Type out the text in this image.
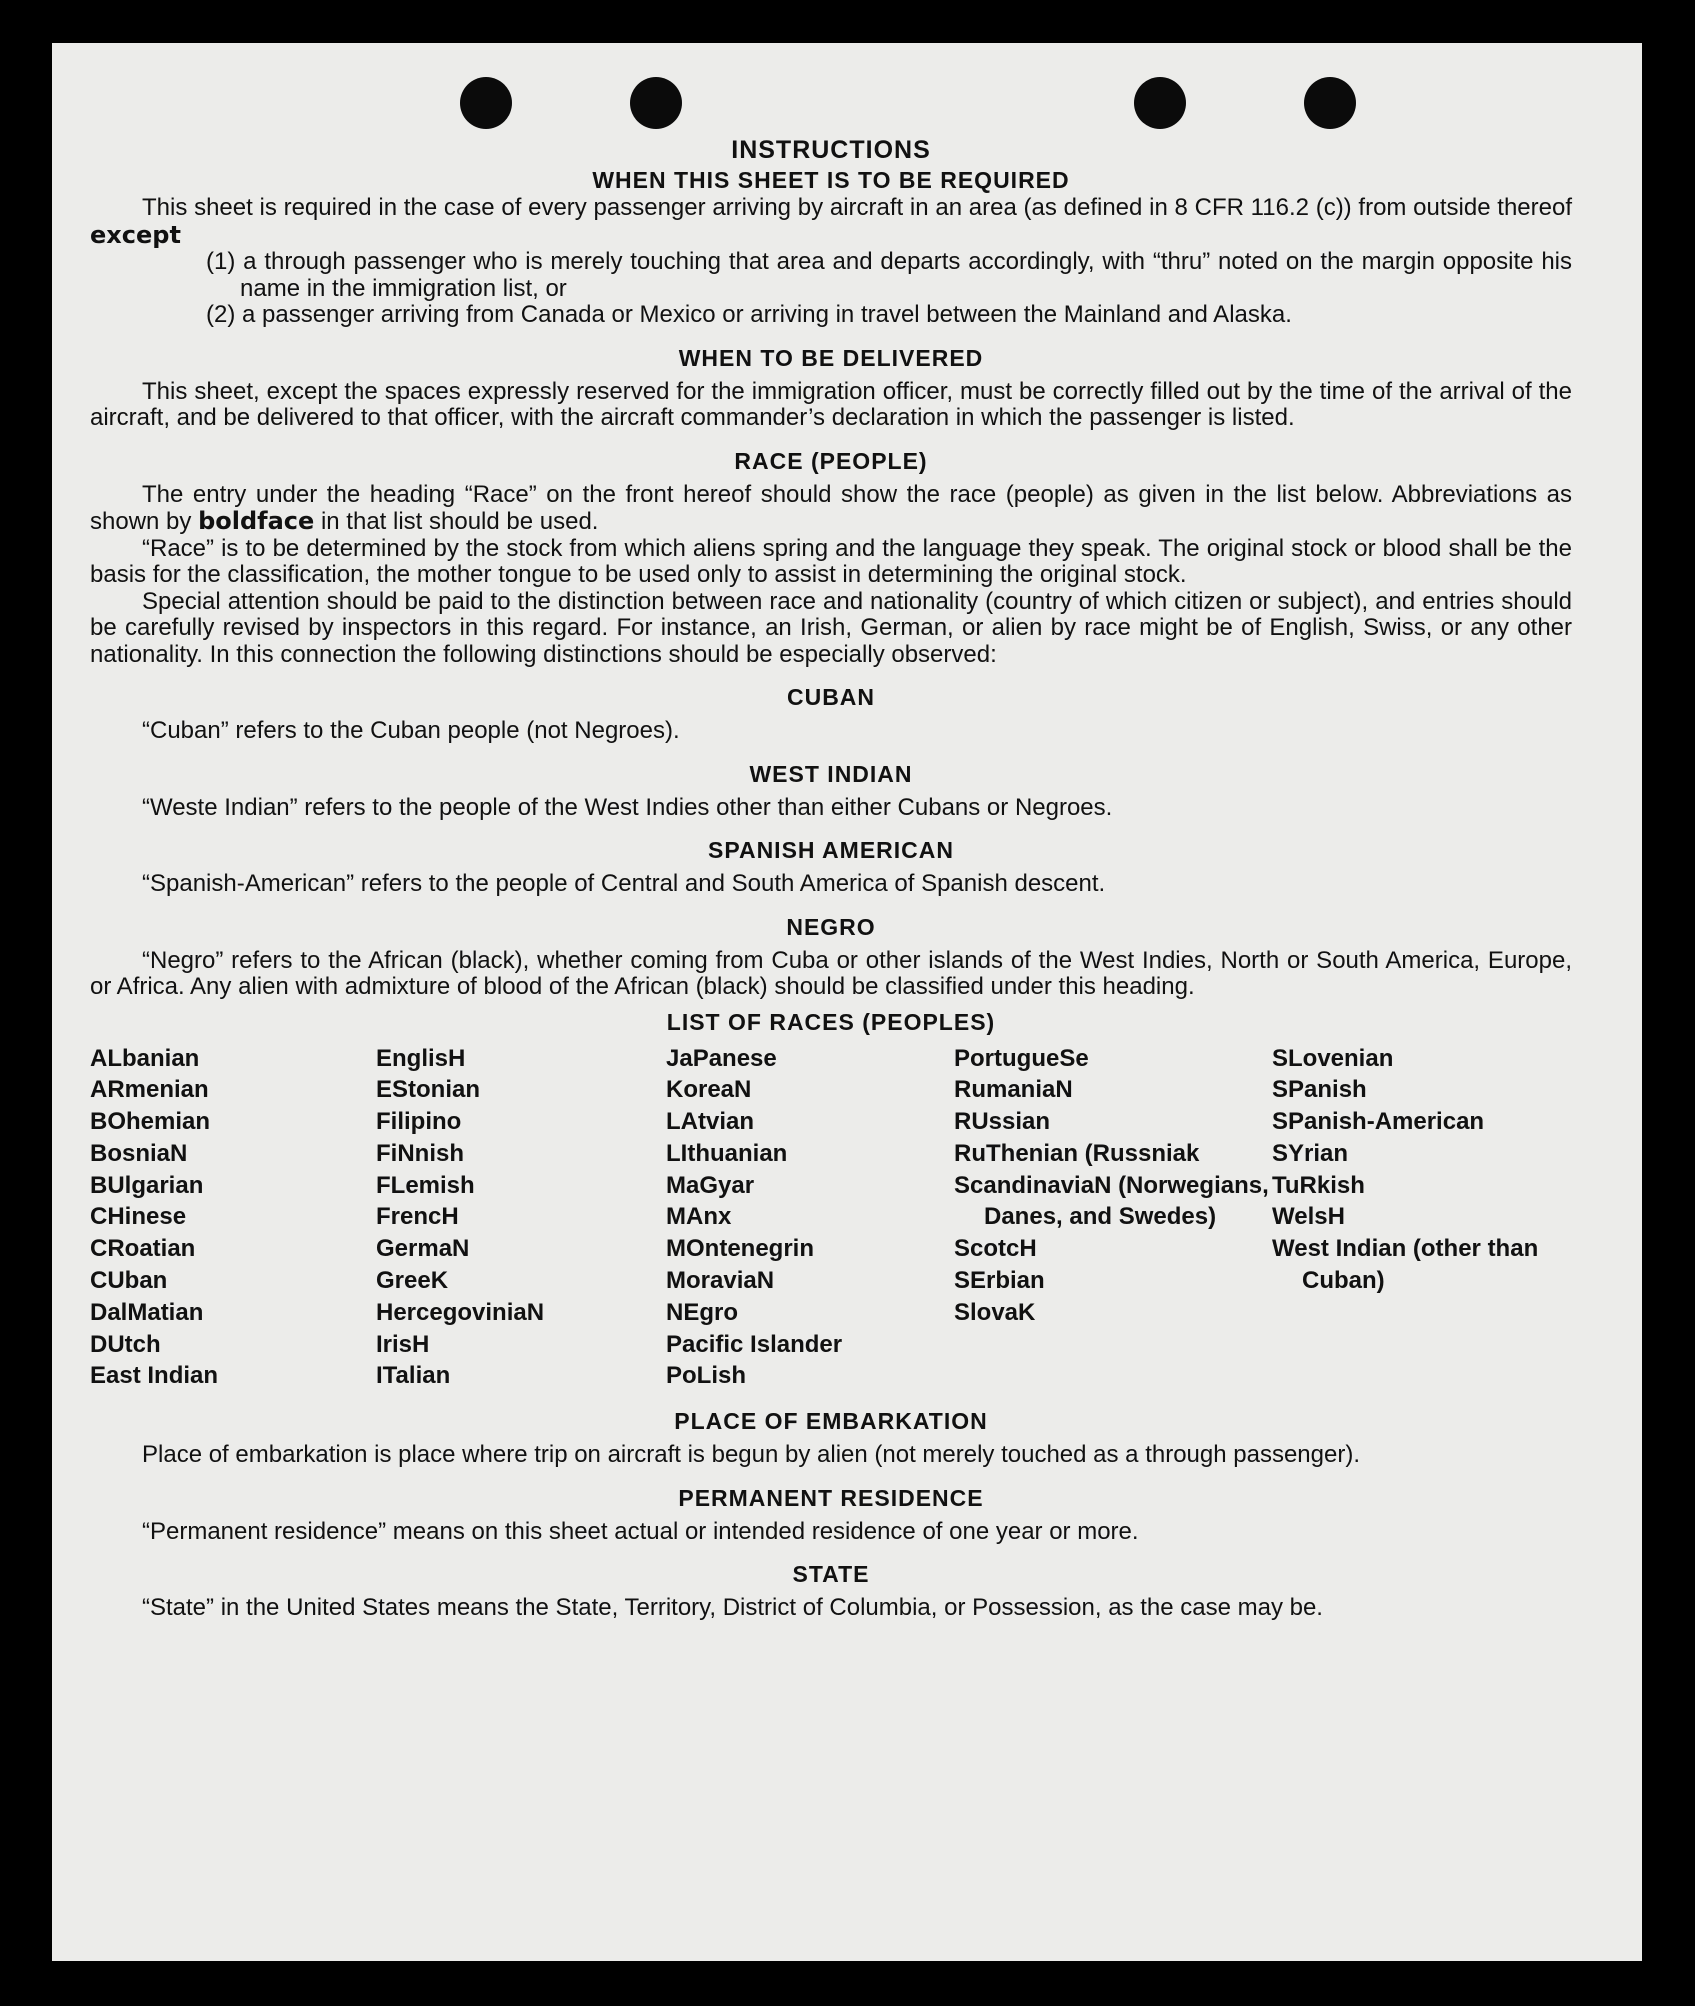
INSTRUCTIONS
WHEN THIS SHEET IS TO BE REQUIRED

This sheet is required in the case of every passenger arriving by aircraft in an area (as defined in 8 CFR 116.2 (c)) from outside thereof except

(1) a through passenger who is merely touching that area and departs accordingly, with “thru” noted on the margin opposite his name in the immigration list, or

(2) a passenger arriving from Canada or Mexico or arriving in travel between the Mainland and Alaska.

WHEN TO BE DELIVERED

This sheet, except the spaces expressly reserved for the immigration officer, must be correctly filled out by the time of the arrival of the aircraft, and be delivered to that officer, with the aircraft commander’s declaration in which the passenger is listed.

RACE (PEOPLE)

The entry under the heading “Race” on the front hereof should show the race (people) as given in the list below. Abbreviations as shown by boldface in that list should be used.

“Race” is to be determined by the stock from which aliens spring and the language they speak. The original stock or blood shall be the basis for the classification, the mother tongue to be used only to assist in determining the original stock.

Special attention should be paid to the distinction between race and nationality (country of which citizen or subject), and entries should be carefully revised by inspectors in this regard. For instance, an Irish, German, or alien by race might be of English, Swiss, or any other nationality. In this connection the following distinctions should be especially observed:

CUBAN

“Cuban” refers to the Cuban people (not Negroes).

WEST INDIAN

“Weste Indian” refers to the people of the West Indies other than either Cubans or Negroes.

SPANISH AMERICAN

“Spanish-American” refers to the people of Central and South America of Spanish descent.

NEGRO

“Negro” refers to the African (black), whether coming from Cuba or other islands of the West Indies, North or South America, Europe, or Africa. Any alien with admixture of blood of the African (black) should be classified under this heading.

LIST OF RACES (PEOPLES)
ALbanian
ARmenian
BOhemian
BosniaN
BUlgarian
CHinese
CRoatian
CUban
DalMatian
DUtch
East Indian
EnglisH
EStonian
Filipino
FiNnish
FLemish
FrencH
GermaN
GreeK
HercegoviniaN
IrisH
ITalian
JaPanese
KoreaN
LAtvian
LIthuanian
MaGyar
MAnx
MOntenegrin
MoraviaN
NEgro
Pacific Islander
PoLish
PortugueSe
RumaniaN
RUssian
RuThenian (Russniak
ScandinaviaN (Norwegians, Danes, and Swedes)
ScotcH
SErbian
SlovaK
SLovenian
SPanish
SPanish-American
SYrian
TuRkish
WelsH
West Indian (other than Cuban)
PLACE OF EMBARKATION

Place of embarkation is place where trip on aircraft is begun by alien (not merely touched as a through passenger).

PERMANENT RESIDENCE

“Permanent residence” means on this sheet actual or intended residence of one year or more.

STATE

“State” in the United States means the State, Territory, District of Columbia, or Possession, as the case may be.
